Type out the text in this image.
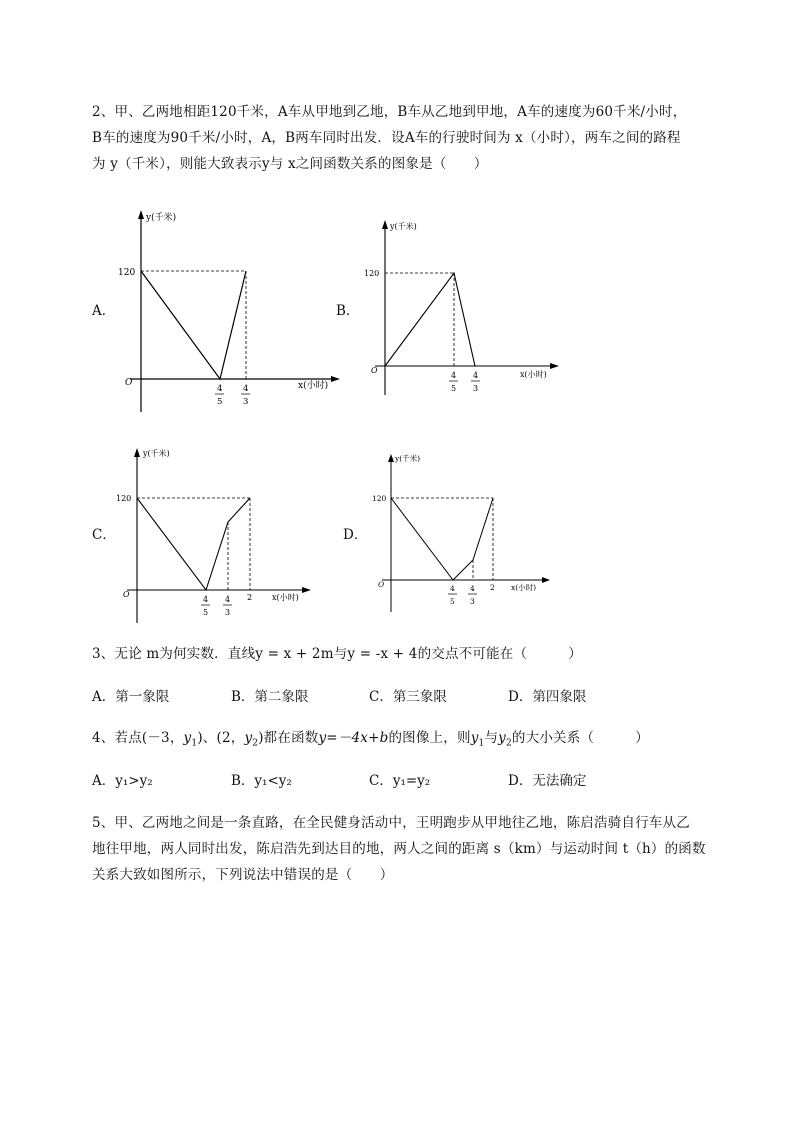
2、甲、乙两地相距120千米，A车从甲地到乙地，B车从乙地到甲地，A车的速度为60千米/小时，
B车的速度为90千米/小时，A，B两车同时出发．设A车的行驶时间为 x（小时），两车之间的路程
为 y（千米），则能大致表示y与 x之间函数关系的图象是（　　）
A．
y(千米)
x(小时)
O
120
4
5
4
3
B．
y(千米)
x(小时)
O
120
4
5
4
3
C．
y(千米)
x(小时)
O
120
4
5
4
3
2
D．
y(千米)
x(小时)
O
120
4
5
4
3
2
3、无论 m为何实数．直线y = x + 2m与y = -x + 4的交点不可能在（　　　）
A．第一象限	B．第二象限	C．第三象限	D．第四象限
4、若点(－3，$y_1$)、(2，$y_2$)都在函数y=－4x+b的图像上，则$y_1$与$y_2$的大小关系（　　　）
A．y₁>y₂	B．y₁<y₂	C．y₁=y₂	D．无法确定
5、甲、乙两地之间是一条直路，在全民健身活动中，王明跑步从甲地往乙地，陈启浩骑自行车从乙
地往甲地，两人同时出发，陈启浩先到达目的地，两人之间的距离 s（km）与运动时间 t（h）的函数
关系大致如图所示，下列说法中错误的是（　　）
